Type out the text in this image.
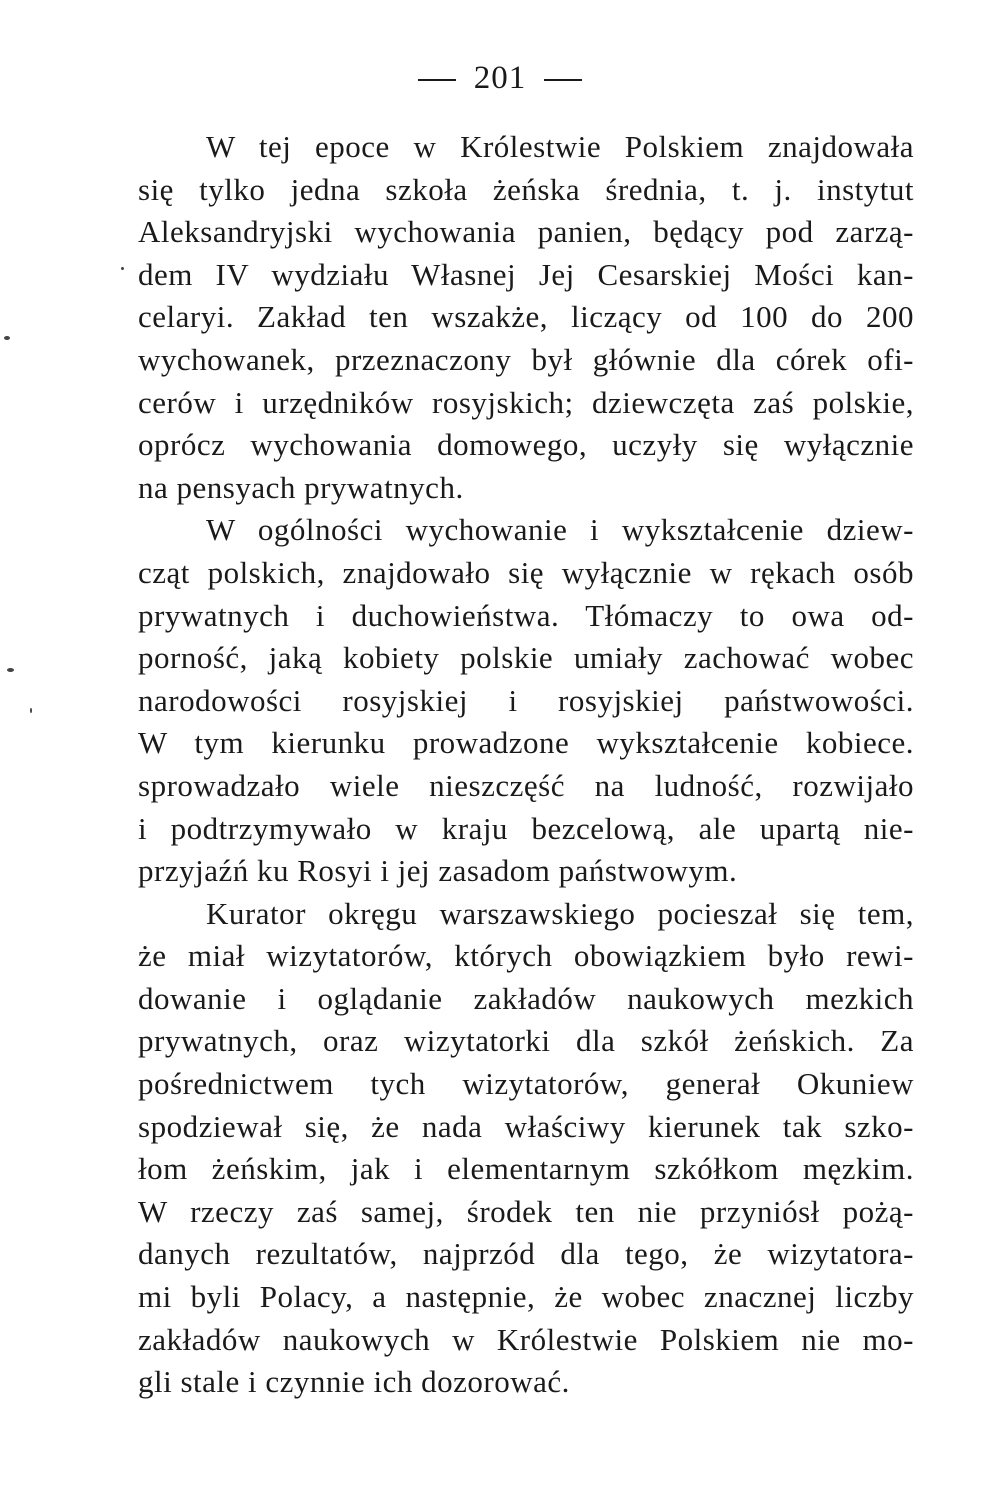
201
W tej epoce w Królestwie Polskiem znajdowała
się tylko jedna szkoła żeńska średnia, t. j. instytut
Aleksandryjski wychowania panien, będący pod zarzą-
dem IV wydziału Własnej Jej Cesarskiej Mości kan-
celaryi. Zakład ten wszakże, liczący od 100 do 200
wychowanek, przeznaczony był głównie dla córek ofi-
cerów i urzędników rosyjskich; dziewczęta zaś polskie,
oprócz wychowania domowego, uczyły się wyłącznie
na pensyach prywatnych.
W ogólności wychowanie i wykształcenie dziew-
cząt polskich, znajdowało się wyłącznie w rękach osób
prywatnych i duchowieństwa. Tłómaczy to owa od-
porność, jaką kobiety polskie umiały zachować wobec
narodowości rosyjskiej i rosyjskiej państwowości.
W tym kierunku prowadzone wykształcenie kobiece.
sprowadzało wiele nieszczęść na ludność, rozwijało
i podtrzymywało w kraju bezcelową, ale upartą nie-
przyjaźń ku Rosyi i jej zasadom państwowym.
Kurator okręgu warszawskiego pocieszał się tem,
że miał wizytatorów, których obowiązkiem było rewi-
dowanie i oglądanie zakładów naukowych mezkich
prywatnych, oraz wizytatorki dla szkół żeńskich. Za
pośrednictwem tych wizytatorów, generał Okuniew
spodziewał się, że nada właściwy kierunek tak szko-
łom żeńskim, jak i elementarnym szkółkom męzkim.
W rzeczy zaś samej, środek ten nie przyniósł pożą-
danych rezultatów, najprzód dla tego, że wizytatora-
mi byli Polacy, a następnie, że wobec znacznej liczby
zakładów naukowych w Królestwie Polskiem nie mo-
gli stale i czynnie ich dozorować.
